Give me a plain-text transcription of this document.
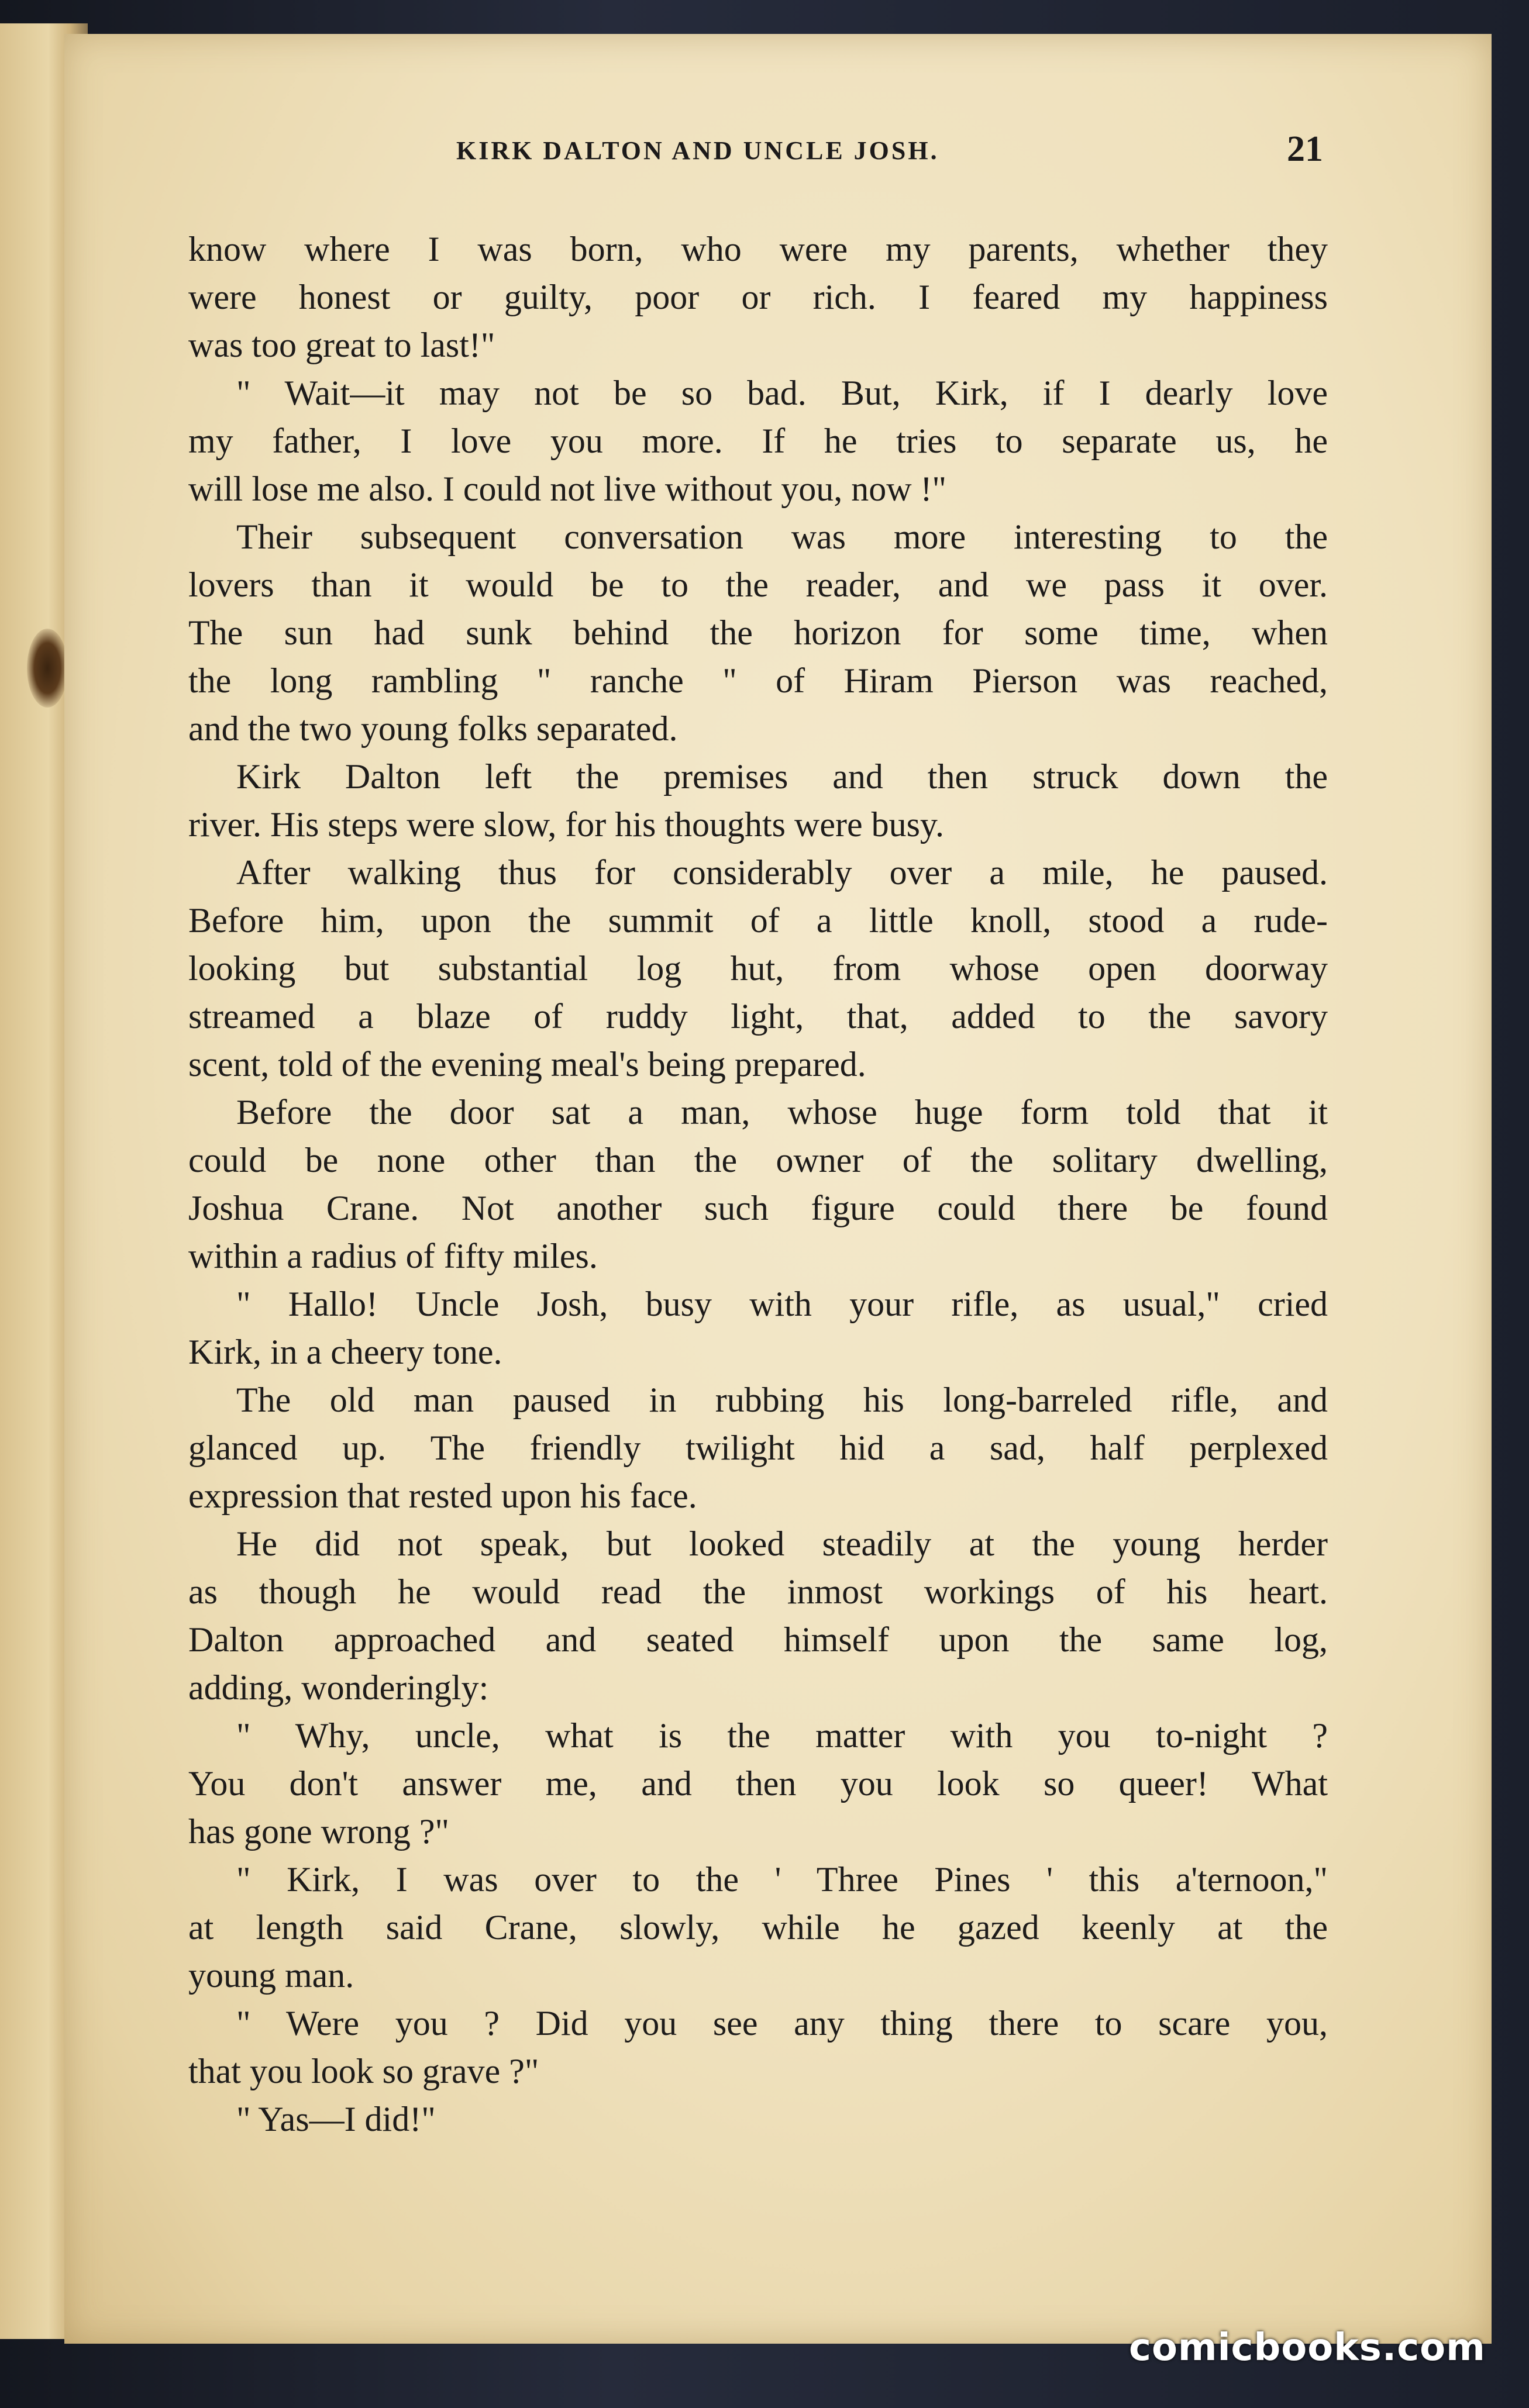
KIRK DALTON AND UNCLE JOSH.	21
know where I was born, who were my parents, whether they
were honest or guilty, poor or rich. I feared my happiness
was too great to last!"
" Wait—it may not be so bad. But, Kirk, if I dearly love
my father, I love you more. If he tries to separate us, he
will lose me also. I could not live without you, now !"
Their subsequent conversation was more interesting to the
lovers than it would be to the reader, and we pass it over.
The sun had sunk behind the horizon for some time, when
the long rambling " ranche " of Hiram Pierson was reached,
and the two young folks separated.
Kirk Dalton left the premises and then struck down the
river. His steps were slow, for his thoughts were busy.
After walking thus for considerably over a mile, he paused.
Before him, upon the summit of a little knoll, stood a rude-
looking but substantial log hut, from whose open doorway
streamed a blaze of ruddy light, that, added to the savory
scent, told of the evening meal's being prepared.
Before the door sat a man, whose huge form told that it
could be none other than the owner of the solitary dwelling,
Joshua Crane. Not another such figure could there be found
within a radius of fifty miles.
" Hallo! Uncle Josh, busy with your rifle, as usual," cried
Kirk, in a cheery tone.
The old man paused in rubbing his long-barreled rifle, and
glanced up. The friendly twilight hid a sad, half perplexed
expression that rested upon his face.
He did not speak, but looked steadily at the young herder
as though he would read the inmost workings of his heart.
Dalton approached and seated himself upon the same log,
adding, wonderingly:
" Why, uncle, what is the matter with you to-night ?
You don't answer me, and then you look so queer! What
has gone wrong ?"
" Kirk, I was over to the ' Three Pines ' this a'ternoon,"
at length said Crane, slowly, while he gazed keenly at the
young man.
" Were you ? Did you see any thing there to scare you,
that you look so grave ?"
" Yas—I did!"
comicbooks.com
